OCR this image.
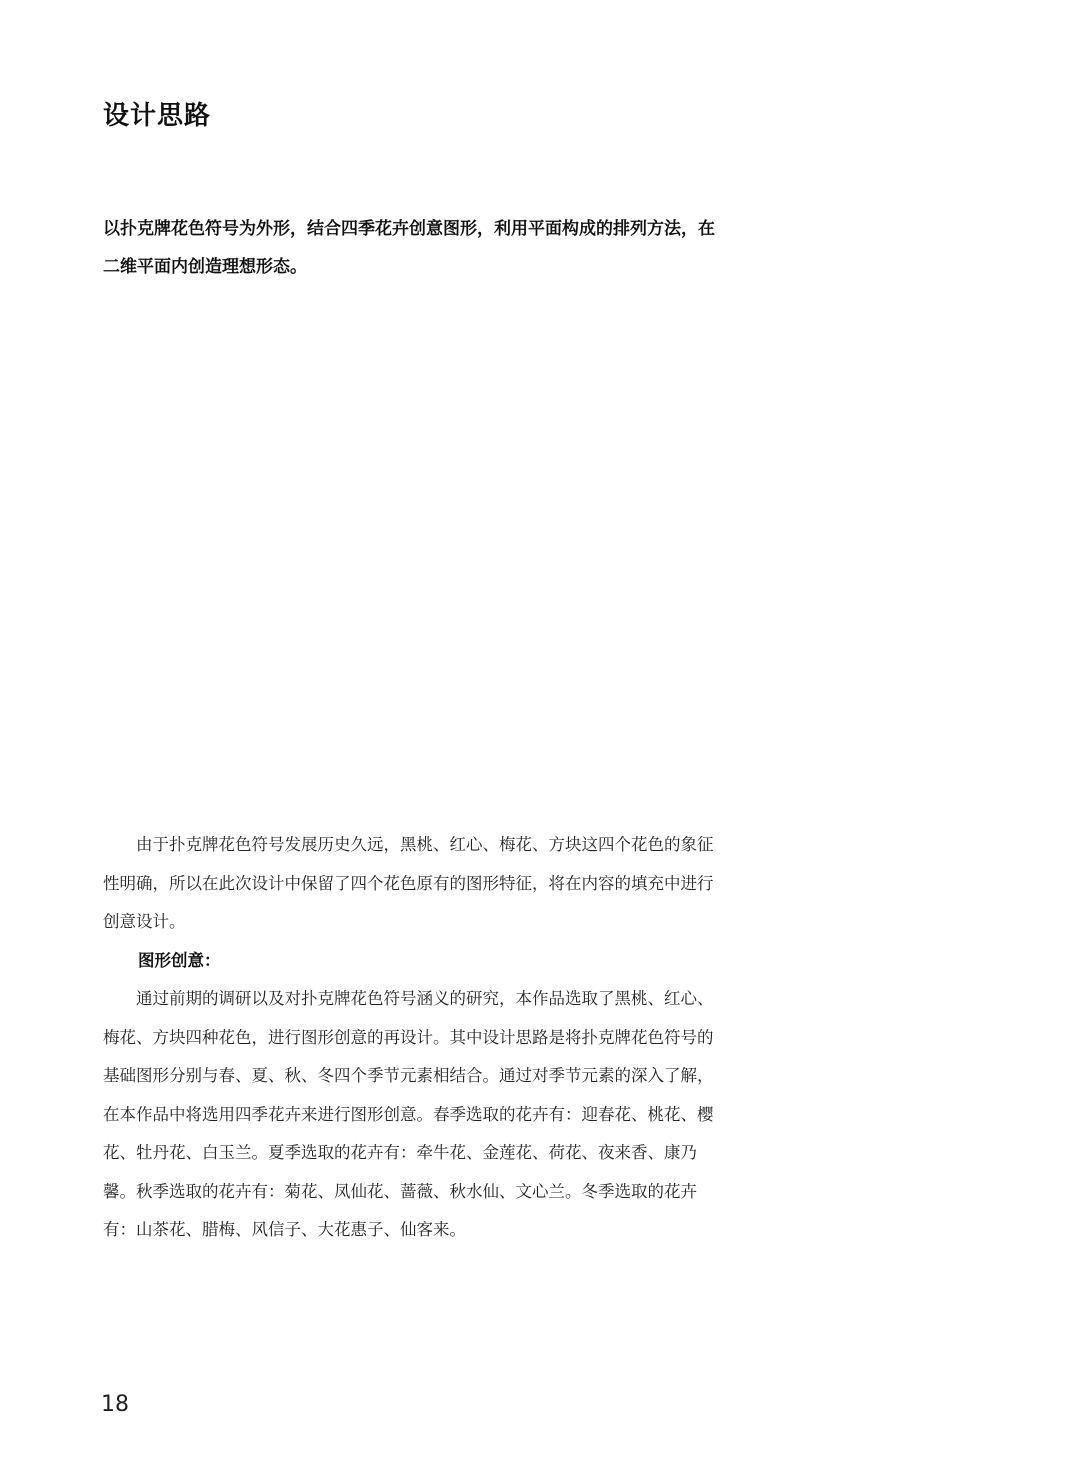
设计思路

以扑克牌花色符号为外形，结合四季花卉创意图形，利用平面构成的排列方法，在二维平面内创造理想形态。

由于扑克牌花色符号发展历史久远，黑桃、红心、梅花、方块这四个花色的象征性明确，所以在此次设计中保留了四个花色原有的图形特征，将在内容的填充中进行创意设计。

图形创意：

通过前期的调研以及对扑克牌花色符号涵义的研究，本作品选取了黑桃、红心、梅花、方块四种花色，进行图形创意的再设计。其中设计思路是将扑克牌花色符号的基础图形分别与春、夏、秋、冬四个季节元素相结合。通过对季节元素的深入了解，在本作品中将选用四季花卉来进行图形创意。春季选取的花卉有：迎春花、桃花、樱花、牡丹花、白玉兰。夏季选取的花卉有：牵牛花、金莲花、荷花、夜来香、康乃馨。秋季选取的花卉有：菊花、凤仙花、蔷薇、秋水仙、文心兰。冬季选取的花卉有：山茶花、腊梅、风信子、大花惠子、仙客来。

18
